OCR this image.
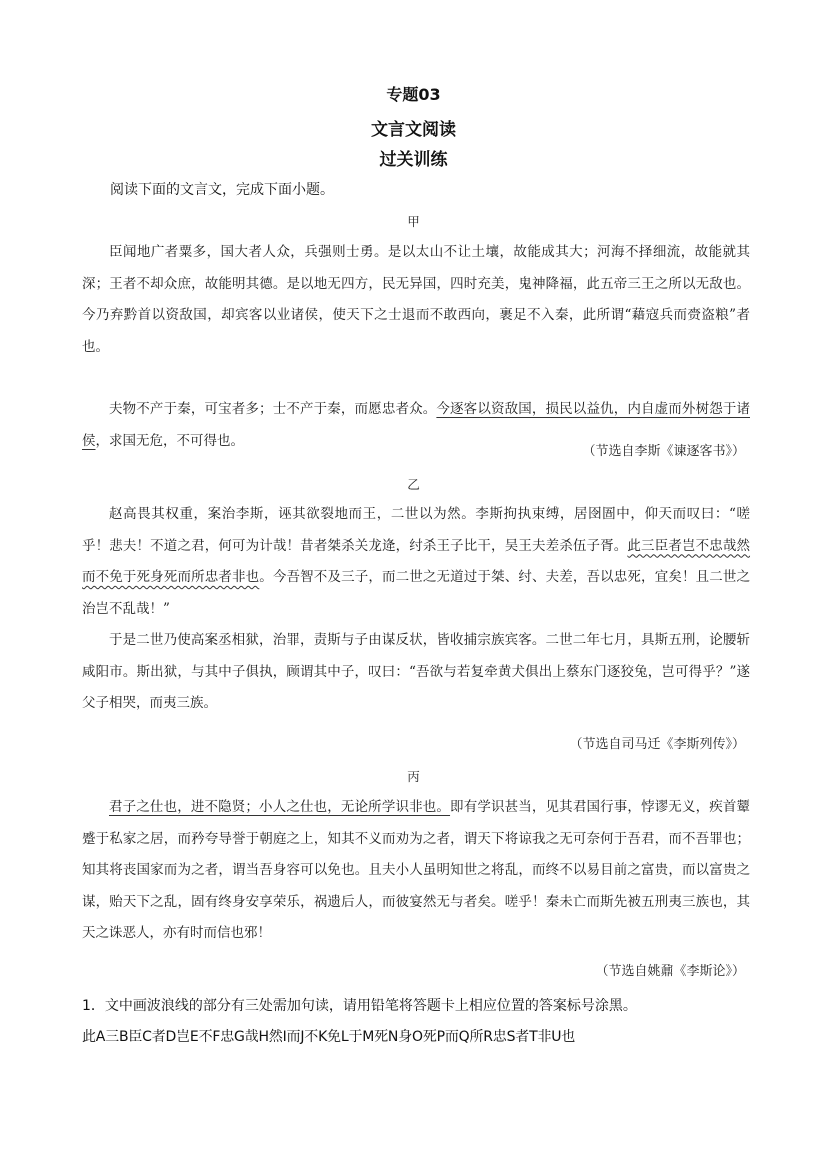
专题03
文言文阅读
过关训练

阅读下面的文言文，完成下面小题。

甲

臣闻地广者粟多，国大者人众，兵强则士勇。是以太山不让土壤，故能成其大；河海不择细流，故能就其深；王者不却众庶，故能明其德。是以地无四方，民无异国，四时充美，鬼神降福，此五帝三王之所以无敌也。今乃弃黔首以资敌国，却宾客以业诸侯，使天下之士退而不敢西向，裹足不入秦，此所谓“藉寇兵而赍盗粮”者也。

夫物不产于秦，可宝者多；士不产于秦，而愿忠者众。今逐客以资敌国，损民以益仇，内自虚而外树怨于诸侯，求国无危，不可得也。

（节选自李斯《谏逐客书》）
乙

赵高畏其权重，案治李斯，诬其欲裂地而王，二世以为然。李斯拘执束缚，居囹圄中，仰天而叹曰：“嗟乎！悲夫！不道之君，何可为计哉！昔者桀杀关龙逄，纣杀王子比干，吴王夫差杀伍子胥。此三臣者岂不忠哉然而不免于死身死而所忠者非也。今吾智不及三子，而二世之无道过于桀、纣、夫差，吾以忠死，宜矣！且二世之治岂不乱哉！”

于是二世乃使高案丞相狱，治罪，责斯与子由谋反状，皆收捕宗族宾客。二世二年七月，具斯五刑，论腰斩咸阳市。斯出狱，与其中子俱执，顾谓其中子，叹曰：“吾欲与若复牵黄犬俱出上蔡东门逐狡兔，岂可得乎？”遂父子相哭，而夷三族。

（节选自司马迁《李斯列传》）
丙

君子之仕也，进不隐贤；小人之仕也，无论所学识非也。即有学识甚当，见其君国行事，悖谬无义，疾首颦蹙于私家之居，而矜夸导誉于朝庭之上，知其不义而劝为之者，谓天下将谅我之无可奈何于吾君，而不吾罪也；知其将丧国家而为之者，谓当吾身容可以免也。且夫小人虽明知世之将乱，而终不以易目前之富贵，而以富贵之谋，贻天下之乱，固有终身安享荣乐，祸遗后人，而彼宴然无与者矣。嗟乎！秦未亡而斯先被五刑夷三族也，其天之诛恶人，亦有时而信也邪！

（节选自姚鼐《李斯论》）

1．文中画波浪线的部分有三处需加句读，请用铅笔将答题卡上相应位置的答案标号涂黑。

此A三B臣C者D岂E不F忠G哉H然I而J不K免L于M死N身O死P而Q所R忠S者T非U也
